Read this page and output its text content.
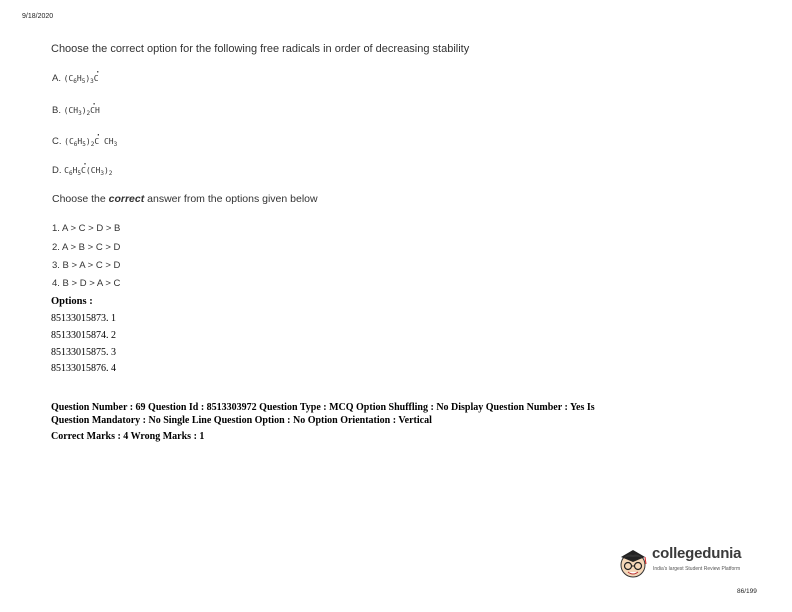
9/18/2020
Choose the correct option for the following free radicals in order of decreasing stability
A. $(C_6H_5)_3\cdot C$
B. $(CH_3)_2\cdot$ CH
C. $(C_6H_5)_2\cdot C$ $CH_3$
D. $C_6H_5\cdot C(CH_3)_2$
Choose the correct answer from the options given below
1. A > C > D > B
2. A > B > C > D
3. B > A > C > D
4. B > D > A > C
Options :
85133015873. 1
85133015874. 2
85133015875. 3
85133015876. 4
Question Number : 69 Question Id : 8513303972 Question Type : MCQ Option Shuffling : No Display Question Number : Yes Is
Question Mandatory : No Single Line Question Option : No Option Orientation : Vertical
Correct Marks : 4 Wrong Marks : 1
collegedunia
India's largest Student Review Platform
86/199
